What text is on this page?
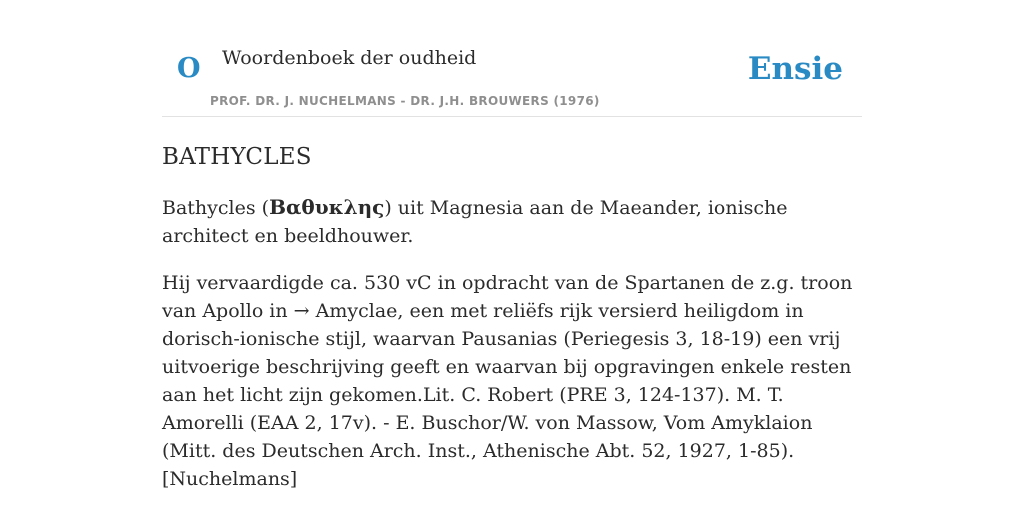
O Woordenboek der oudheid
PROF. DR. J. NUCHELMANS - DR. J.H. BROUWERS (1976)
Ensie
BATHYCLES

Bathycles (Βαθυκλης) uit Magnesia aan de Maeander, ionische architect en beeldhouwer.

Hij vervaardigde ca. 530 vC in opdracht van de Spartanen de z.g. troon van Apollo in → Amyclae, een met reliëfs rijk versierd heiligdom in dorisch-ionische stijl, waarvan Pausanias (Periegesis 3, 18-19) een vrij uitvoerige beschrijving geeft en waarvan bij opgravingen enkele resten aan het licht zijn gekomen.Lit. C. Robert (PRE 3, 124-137). M. T. Amorelli (EAA 2, 17v). - E. Buschor/W. von Massow, Vom Amyklaion (Mitt. des Deutschen Arch. Inst., Athenische Abt. 52, 1927, 1-85). [Nuchelmans]
